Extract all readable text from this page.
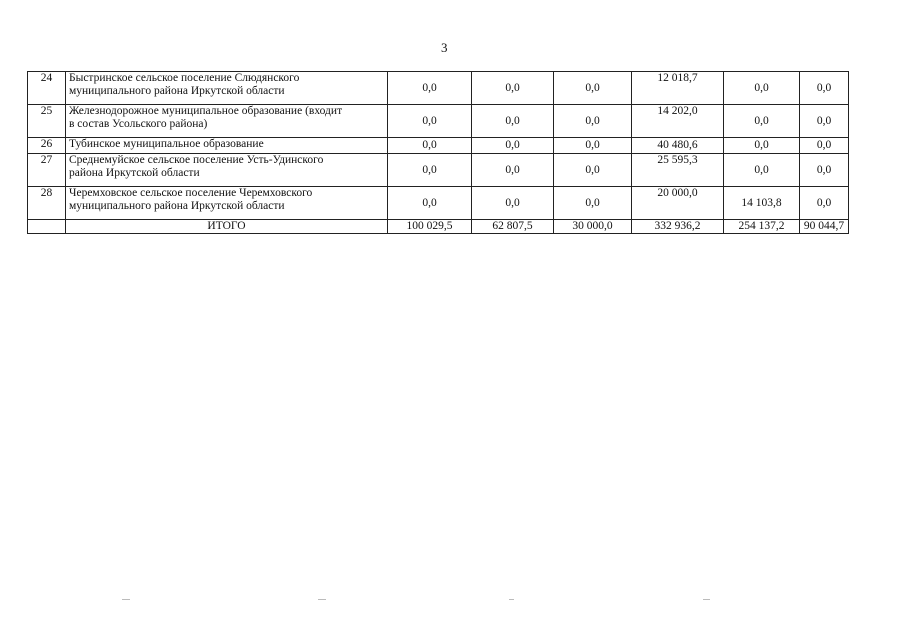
3
24	Быстринское сельское поселение Слюдянского
муниципального района Иркутской области	0,0	0,0	0,0	12 018,7	0,0	0,0
25	Железнодорожное муниципальное образование (входит
в состав Усольского района)	0,0	0,0	0,0	14 202,0	0,0	0,0
26	Тубинское муниципальное образование	0,0	0,0	0,0	40 480,6	0,0	0,0
27	Среднемуйское сельское поселение Усть-Удинского
района Иркутской области	0,0	0,0	0,0	25 595,3	0,0	0,0
28	Черемховское сельское поселение Черемховского
муниципального района Иркутской области	0,0	0,0	0,0	20 000,0	14 103,8	0,0
	ИТОГО	100 029,5	62 807,5	30 000,0	332 936,2	254 137,2	90 044,7
